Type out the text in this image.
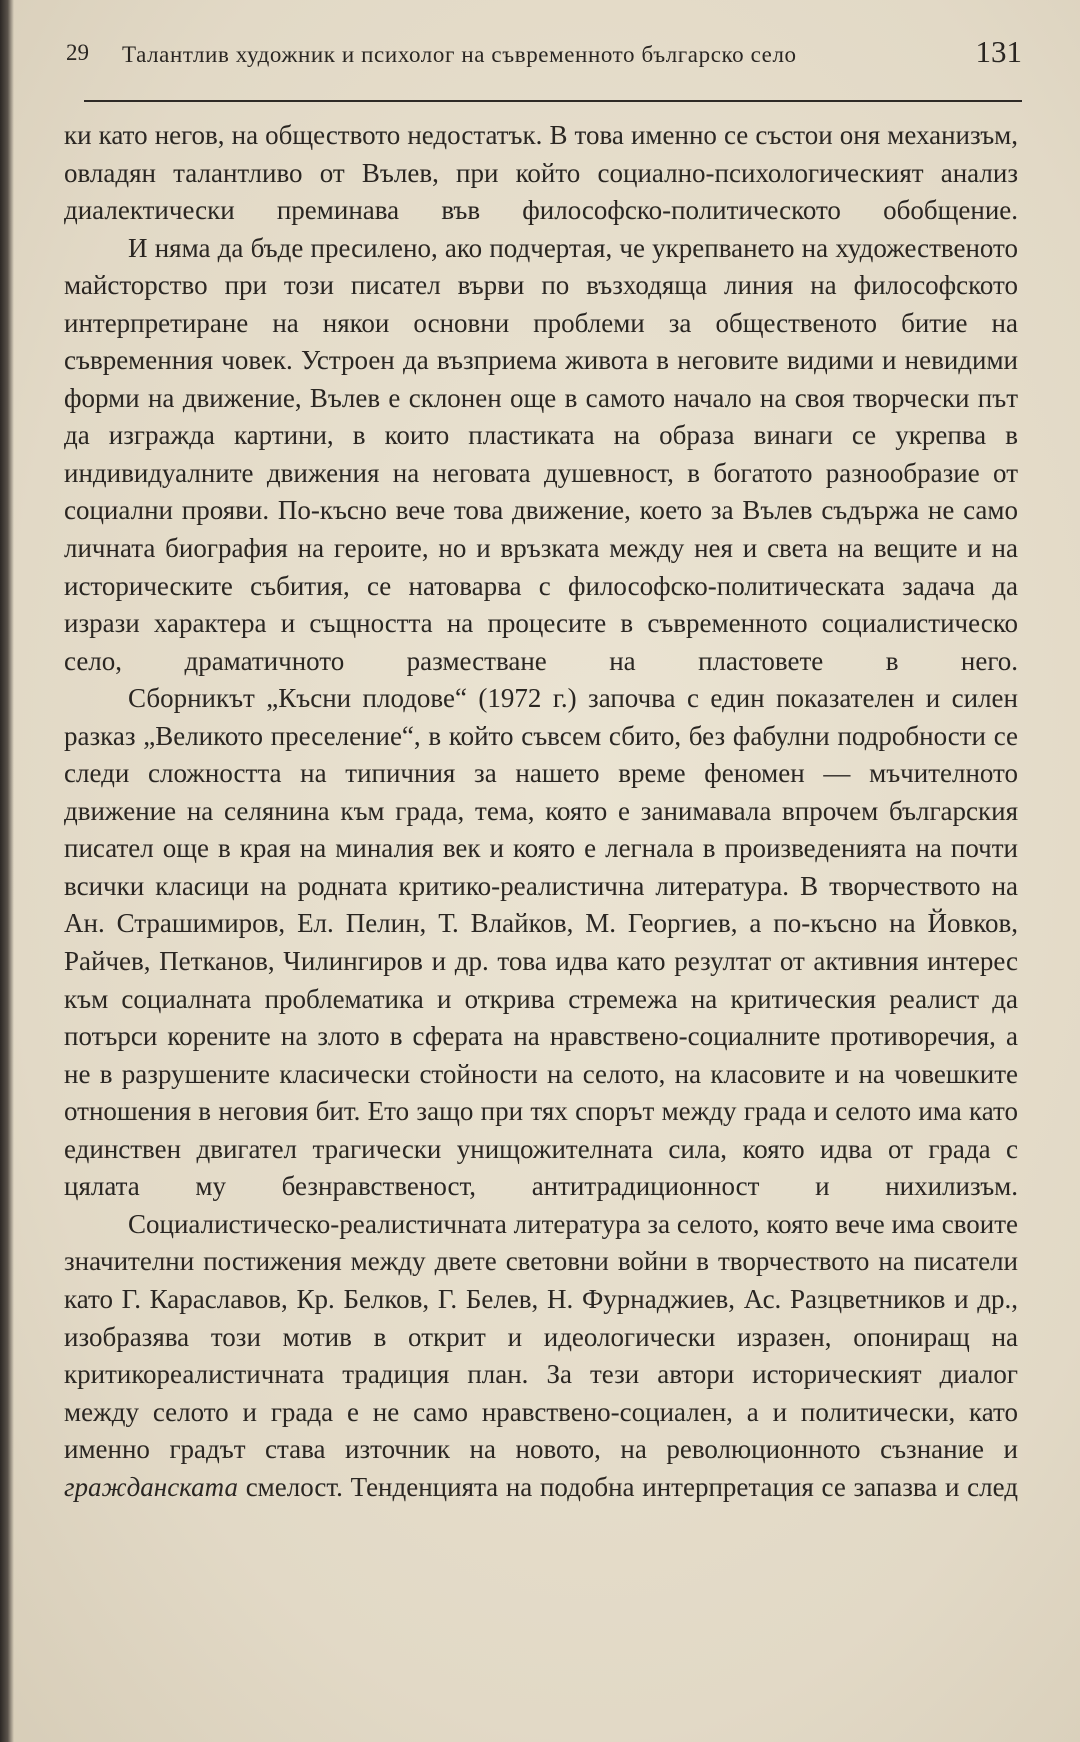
29 Талантлив художник и психолог на съвременното българско село	131

ки като негов, на обществото недостатък. В това именно се състои оня механизъм, овладян талантливо от Вълев, при който социално-психологическият анализ диалектически преминава във философско-политическото обобщение.

И няма да бъде пресилено, ако подчертая, че укрепването на художественото майсторство при този писател върви по възходяща линия на философското интерпретиране на някои основни проблеми за общественото битие на съвременния човек. Устроен да възприема живота в неговите видими и невидими форми на движение, Вълев е склонен още в самото начало на своя творчески път да изгражда картини, в които пластиката на образа винаги се укрепва в индивидуалните движения на неговата душевност, в богатото разнообразие от социални прояви. По-късно вече това движение, което за Вълев съдържа не само личната биография на героите, но и връзката между нея и света на вещите и на историческите събития, се натоварва с философско-политическата задача да изрази характера и същността на процесите в съвременното социалистическо село, драматичното разместване на пластовете в него.

Сборникът „Късни плодове“ (1972 г.) започва с един показателен и силен разказ „Великото преселение“, в който съвсем сбито, без фабулни подробности се следи сложността на типичния за нашето време феномен — мъчителното движение на селянина към града, тема, която е занимавала впрочем българския писател още в края на миналия век и която е легнала в произведенията на почти всички класици на родната критико-реалистична литература. В творчеството на Ан. Страшимиров, Ел. Пелин, Т. Влайков, М. Георгиев, а по-късно на Йовков, Райчев, Петканов, Чилингиров и др. това идва като резултат от активния интерес към социалната проблематика и открива стремежа на критическия реалист да потърси корените на злото в сферата на нравствено-социалните противоречия, а не в разрушените класически стойности на селото, на класовите и на човешките отношения в неговия бит. Ето защо при тях спорът между града и селото има като единствен двигател трагически унищожителната сила, която идва от града с цялата му безнравственост, антитрадиционност и нихилизъм.

Социалистическо-реалистичната литература за селото, която вече има своите значителни постижения между двете световни войни в творчеството на писатели като Г. Караславов, Кр. Белков, Г. Белев, Н. Фурнаджиев, Ас. Разцветников и др., изобразява този мотив в открит и идеологически изразен, опониращ на критикореалистичната традиция план. За тези автори историческият диалог между селото и града е не само нравствено-социален, а и политически, като именно градът става източник на новото, на революционното съзнание и гражданската смелост. Тенденцията на подобна интерпретация се запазва и след
